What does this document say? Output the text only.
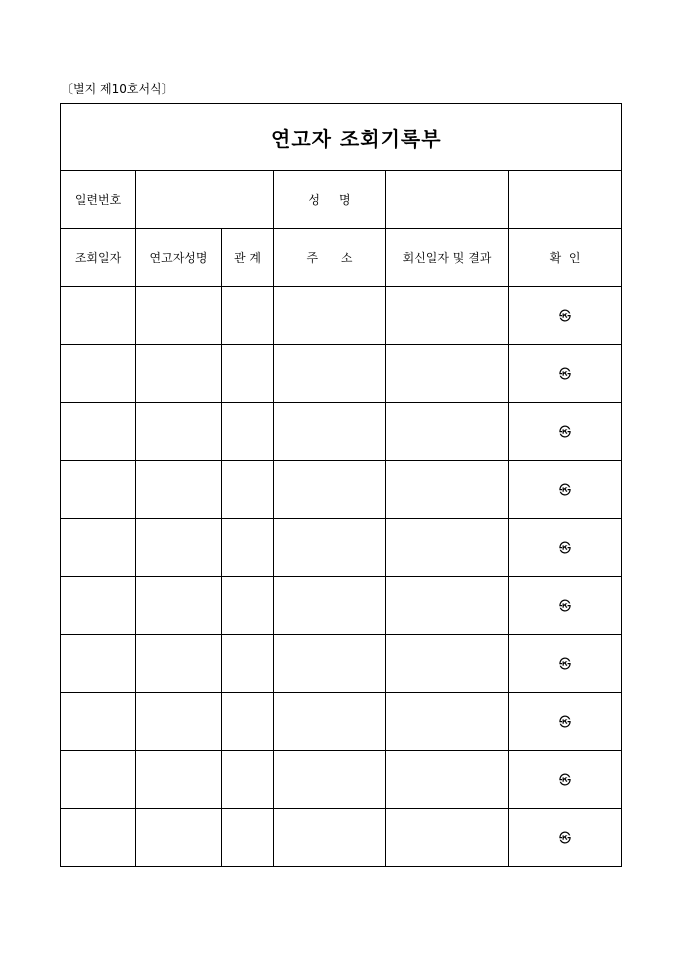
〔별지 제10호서식〕

연고자 조회기록부					

일련번호			성     명		
조회일자	연고자성명	관 계	주      소	회신일자 및 결과	확  인
					㉿
					㉿
					㉿
					㉿
					㉿
					㉿
					㉿
					㉿
					㉿
					㉿
